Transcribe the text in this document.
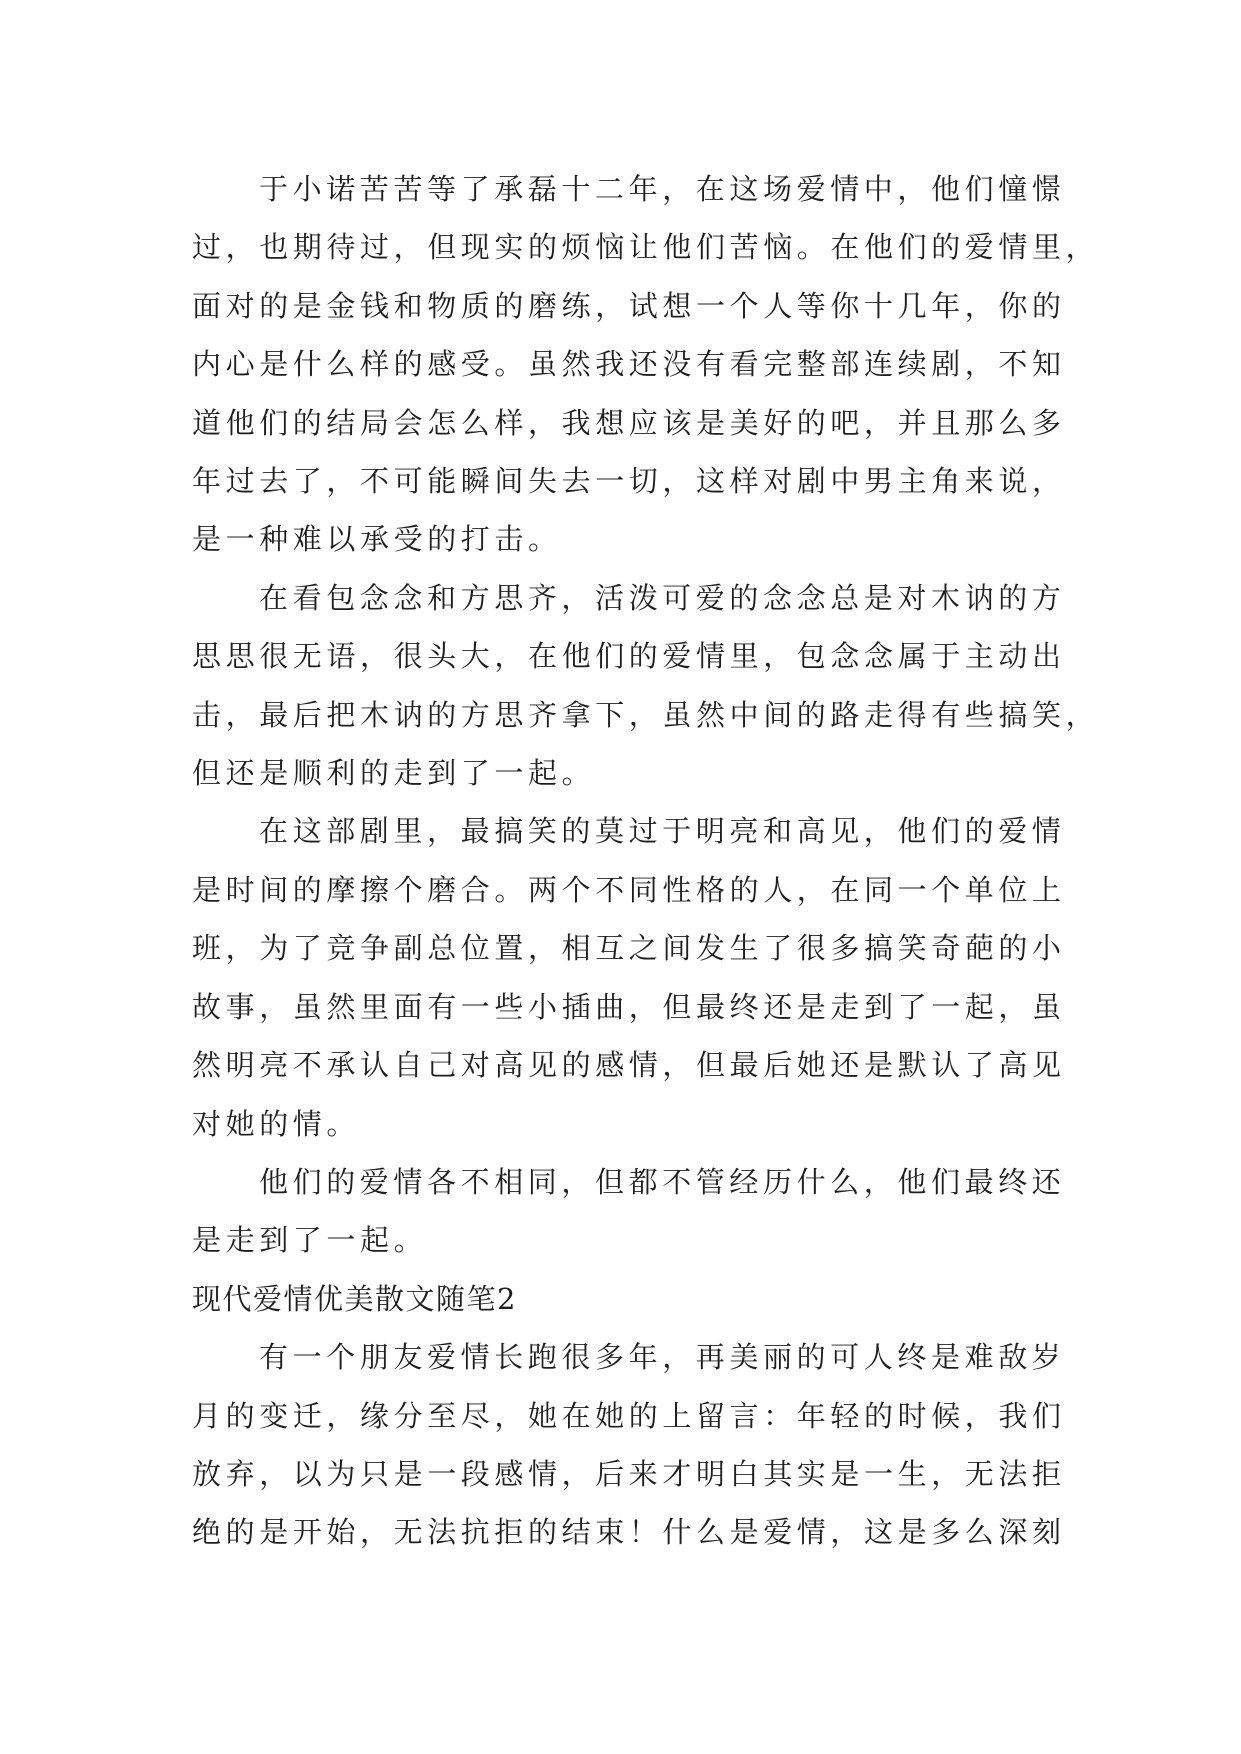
于小诺苦苦等了承磊十二年，在这场爱情中，他们憧憬
过，也期待过，但现实的烦恼让他们苦恼。在他们的爱情里，
面对的是金钱和物质的磨练，试想一个人等你十几年，你的
内心是什么样的感受。虽然我还没有看完整部连续剧，不知
道他们的结局会怎么样，我想应该是美好的吧，并且那么多
年过去了，不可能瞬间失去一切，这样对剧中男主角来说，
是一种难以承受的打击。

在看包念念和方思齐，活泼可爱的念念总是对木讷的方
思思很无语，很头大，在他们的爱情里，包念念属于主动出
击，最后把木讷的方思齐拿下，虽然中间的路走得有些搞笑，
但还是顺利的走到了一起。

在这部剧里，最搞笑的莫过于明亮和高见，他们的爱情
是时间的摩擦个磨合。两个不同性格的人，在同一个单位上
班，为了竞争副总位置，相互之间发生了很多搞笑奇葩的小
故事，虽然里面有一些小插曲，但最终还是走到了一起，虽
然明亮不承认自己对高见的感情，但最后她还是默认了高见
对她的情。

他们的爱情各不相同，但都不管经历什么，他们最终还
是走到了一起。

现代爱情优美散文随笔2

有一个朋友爱情长跑很多年，再美丽的可人终是难敌岁
月的变迁，缘分至尽，她在她的上留言：年轻的时候，我们
放弃，以为只是一段感情，后来才明白其实是一生，无法拒
绝的是开始，无法抗拒的结束！什么是爱情，这是多么深刻
